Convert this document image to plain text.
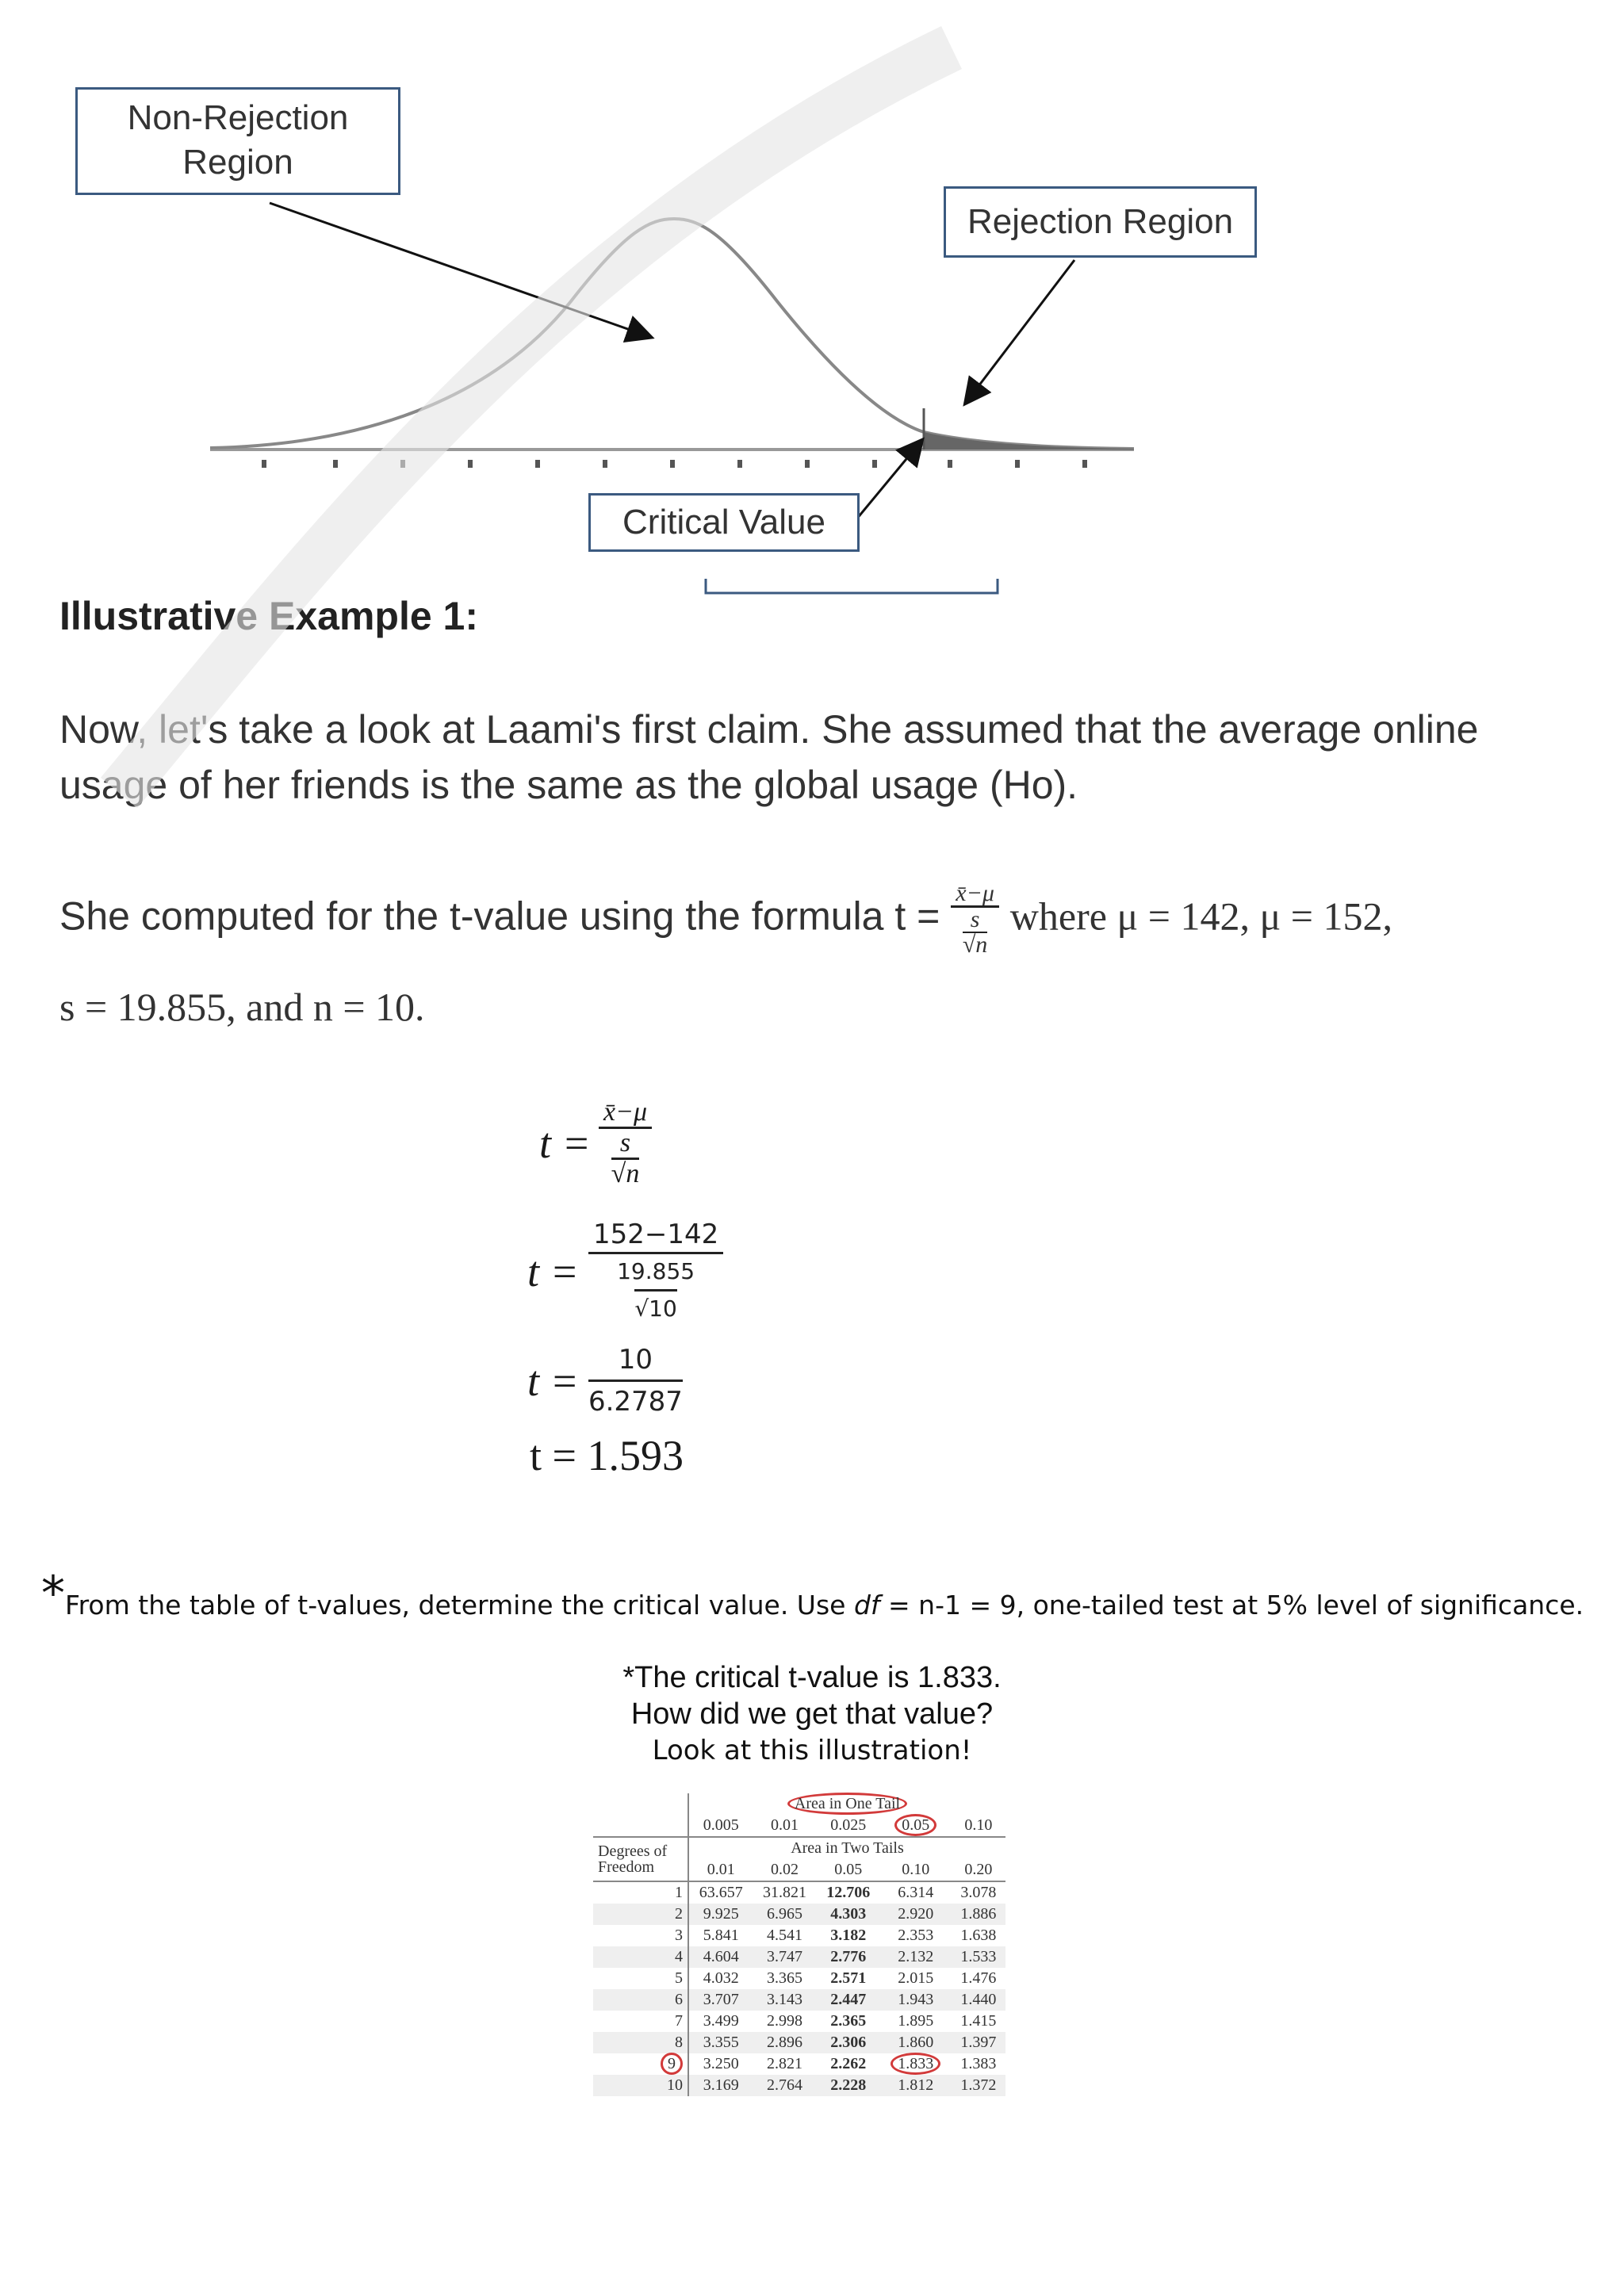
Non-Rejection Region
Rejection Region
Critical Value
Illustrative Example 1:
Now, let's take a look at Laami's first claim. She assumed that the average online usage of her friends is the same as the global usage (Ho).
She computed for the t-value using the formula t =
x̄−μ
s
√n
where μ = 142, μ = 152,
s = 19.855, and n = 10.
t =
x̄−μ
s
√n
t =
152−142
19.855
√10
$t = \frac{10}{6.2787}$
t = 1.593
*From the table of t-values, determine the critical value. Use df = n-1 = 9, one-tailed test at 5% level of significance.
*The critical t-value is 1.833.
How did we get that value?
Look at this illustration!
	Area in One Tail				
	0.005	0.01	0.025	0.05	0.10
Degrees of
Freedom	Area in Two Tails				
	0.01	0.02	0.05	0.10	0.20
1	63.657	31.821	12.706	6.314	3.078
2	9.925	6.965	4.303	2.920	1.886
3	5.841	4.541	3.182	2.353	1.638
4	4.604	3.747	2.776	2.132	1.533
5	4.032	3.365	2.571	2.015	1.476
6	3.707	3.143	2.447	1.943	1.440
7	3.499	2.998	2.365	1.895	1.415
8	3.355	2.896	2.306	1.860	1.397
9	3.250	2.821	2.262	1.833	1.383
10	3.169	2.764	2.228	1.812	1.372
